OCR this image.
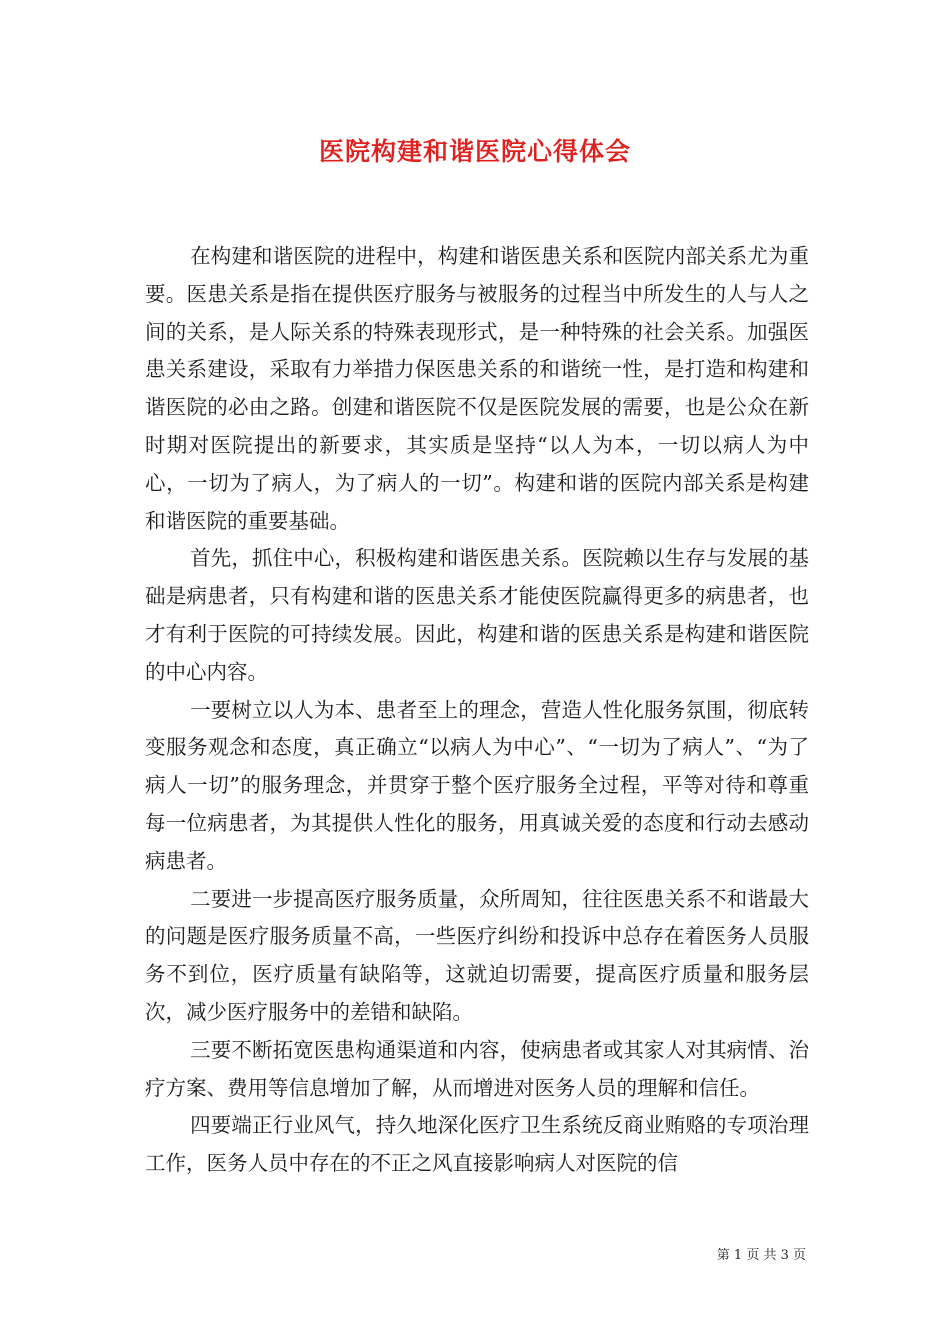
医院构建和谐医院心得体会

在构建和谐医院的进程中，构建和谐医患关系和医院内部关系尤为重要。医患关系是指在提供医疗服务与被服务的过程当中所发生的人与人之间的关系，是人际关系的特殊表现形式，是一种特殊的社会关系。加强医患关系建设，采取有力举措力保医患关系的和谐统一性，是打造和构建和谐医院的必由之路。创建和谐医院不仅是医院发展的需要，也是公众在新时期对医院提出的新要求，其实质是坚持“以人为本，一切以病人为中心，一切为了病人，为了病人的一切”。构建和谐的医院内部关系是构建和谐医院的重要基础。

首先，抓住中心，积极构建和谐医患关系。医院赖以生存与发展的基础是病患者，只有构建和谐的医患关系才能使医院赢得更多的病患者，也才有利于医院的可持续发展。因此，构建和谐的医患关系是构建和谐医院的中心内容。

一要树立以人为本、患者至上的理念，营造人性化服务氛围，彻底转变服务观念和态度，真正确立“以病人为中心”、“一切为了病人”、“为了病人一切”的服务理念，并贯穿于整个医疗服务全过程，平等对待和尊重每一位病患者，为其提供人性化的服务，用真诚关爱的态度和行动去感动病患者。

二要进一步提高医疗服务质量，众所周知，往往医患关系不和谐最大的问题是医疗服务质量不高，一些医疗纠纷和投诉中总存在着医务人员服务不到位，医疗质量有缺陷等，这就迫切需要，提高医疗质量和服务层次，减少医疗服务中的差错和缺陷。

三要不断拓宽医患构通渠道和内容，使病患者或其家人对其病情、治疗方案、费用等信息增加了解，从而增进对医务人员的理解和信任。

四要端正行业风气，持久地深化医疗卫生系统反商业贿赂的专项治理工作，医务人员中存在的不正之风直接影响病人对医院的信

第 1 页 共 3 页
